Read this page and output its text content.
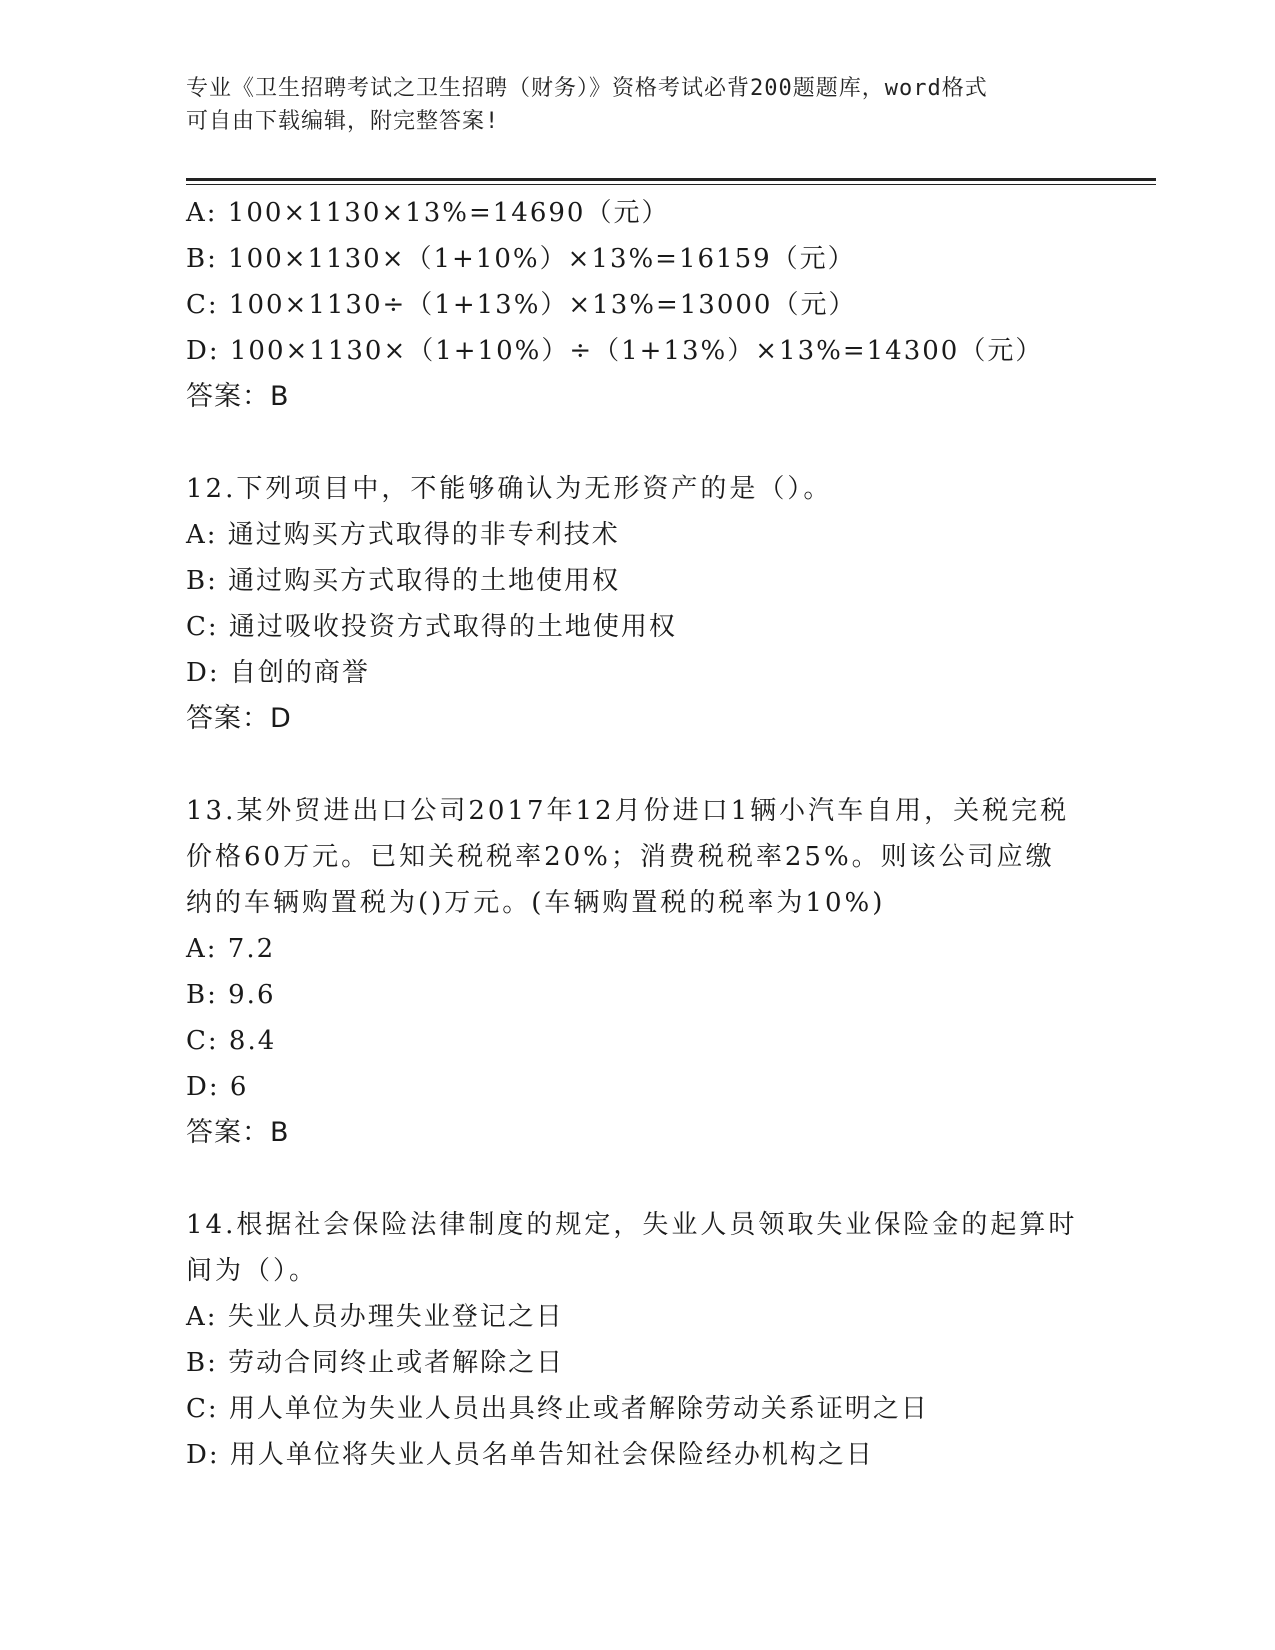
专业《卫生招聘考试之卫生招聘（财务）》资格考试必背200题题库，word格式
可自由下载编辑，附完整答案!
A: 100×1130×13%=14690（元）
B: 100×1130×（1+10%）×13%=16159（元）
C: 100×1130÷（1+13%）×13%=13000（元）
D: 100×1130×（1+10%）÷（1+13%）×13%=14300（元）
答案：B
12.下列项目中，不能够确认为无形资产的是（）。
A: 通过购买方式取得的非专利技术
B: 通过购买方式取得的土地使用权
C: 通过吸收投资方式取得的土地使用权
D: 自创的商誉
答案：D
13.某外贸进出口公司2017年12月份进口1辆小汽车自用，关税完税
价格60万元。已知关税税率20%；消费税税率25%。则该公司应缴
纳的车辆购置税为()万元。(车辆购置税的税率为10%)
A: 7.2
B: 9.6
C: 8.4
D: 6
答案：B
14.根据社会保险法律制度的规定，失业人员领取失业保险金的起算时
间为（）。
A: 失业人员办理失业登记之日
B: 劳动合同终止或者解除之日
C: 用人单位为失业人员出具终止或者解除劳动关系证明之日
D: 用人单位将失业人员名单告知社会保险经办机构之日
